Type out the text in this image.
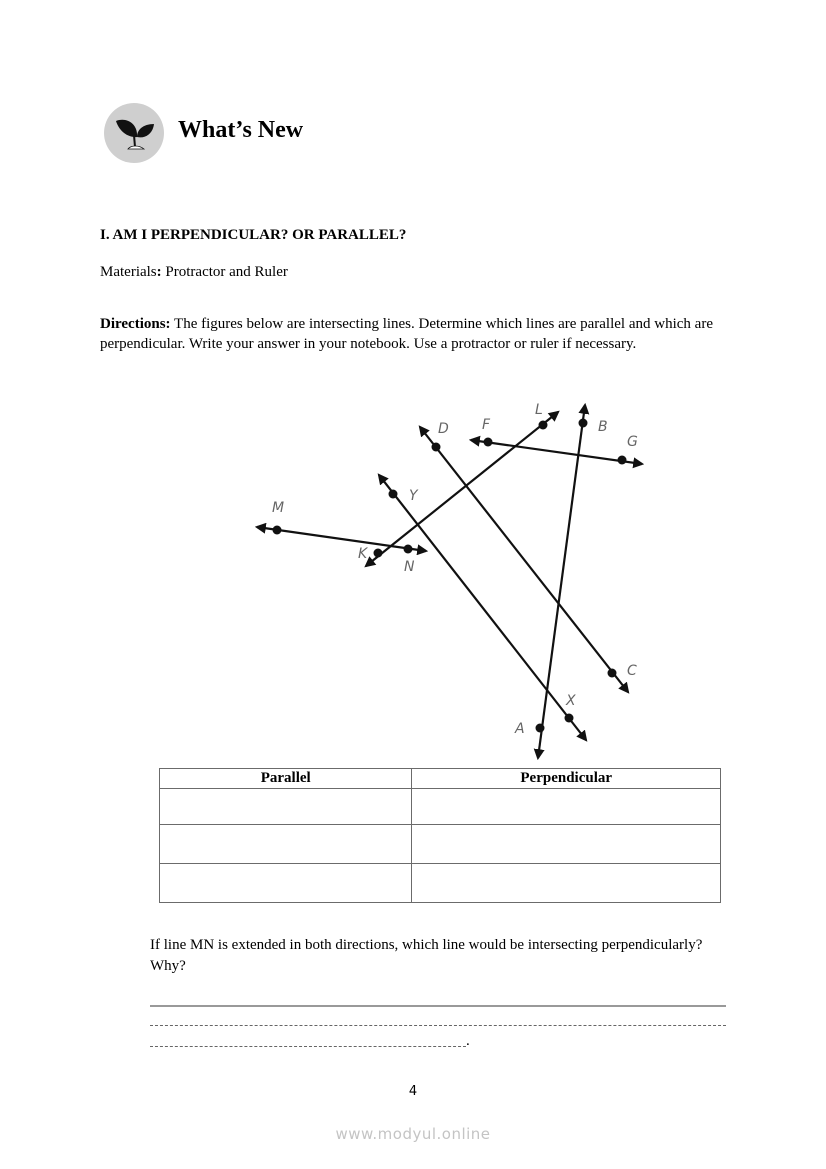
What’s New
I. AM I PERPENDICULAR? OR PARALLEL?
Materials: Protractor and Ruler
Directions: The figures below are intersecting lines. Determine which lines are parallel and which are perpendicular. Write your answer in your notebook. Use a protractor or ruler if necessary.
M
N
K
L
D
C
F
G
B
A
Y
X
Parallel	Perpendicular

If line MN is extended in both directions, which line would be intersecting perpendicularly? Why?
.
4
www.modyul.online
